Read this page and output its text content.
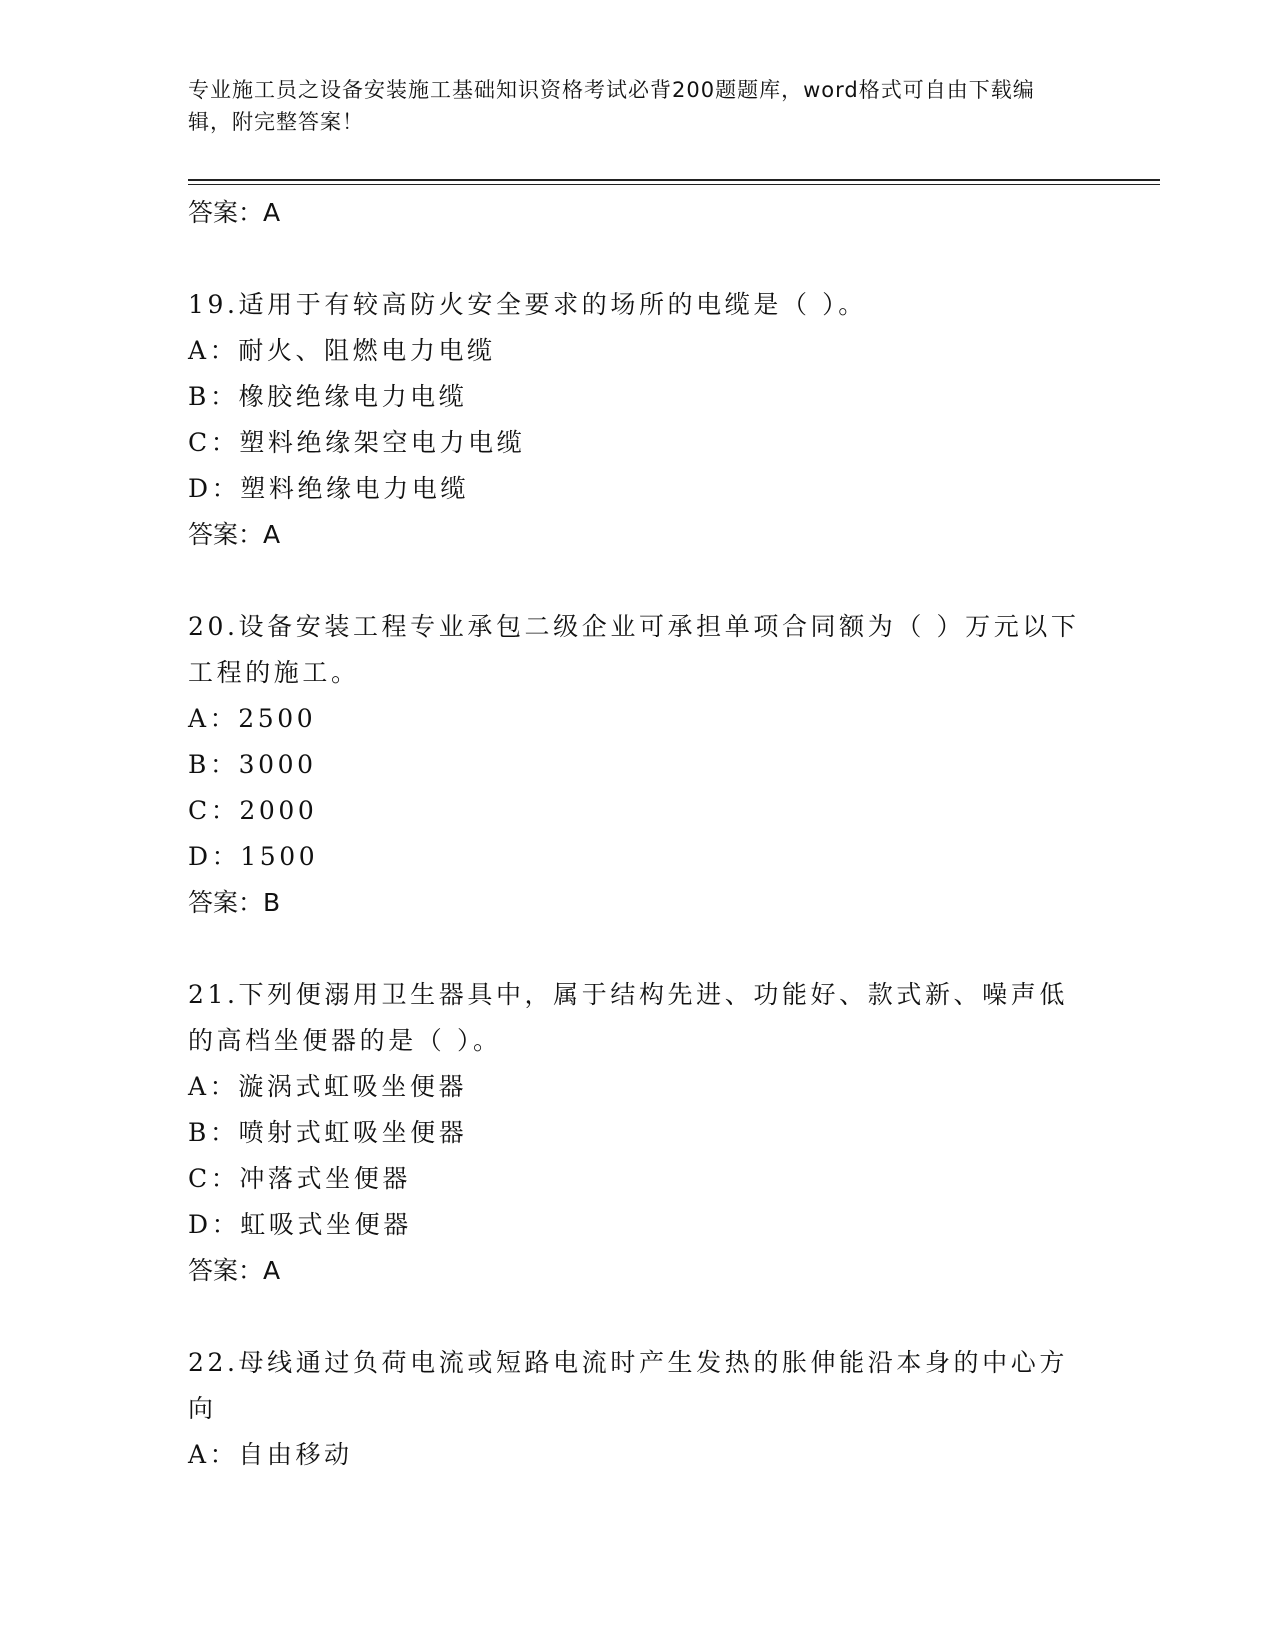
专业施工员之设备安装施工基础知识资格考试必背200题题库，word格式可自由下载编辑，附完整答案！
答案：A
19.适用于有较高防火安全要求的场所的电缆是（ ）。
A：耐火、阻燃电力电缆
B：橡胶绝缘电力电缆
C：塑料绝缘架空电力电缆
D：塑料绝缘电力电缆
答案：A
20.设备安装工程专业承包二级企业可承担单项合同额为（ ）万元以下工程的施工。
A：2500
B：3000
C：2000
D：1500
答案：B
21.下列便溺用卫生器具中，属于结构先进、功能好、款式新、噪声低的高档坐便器的是（ ）。
A：漩涡式虹吸坐便器
B：喷射式虹吸坐便器
C：冲落式坐便器
D：虹吸式坐便器
答案：A
22.母线通过负荷电流或短路电流时产生发热的胀伸能沿本身的中心方向
A：自由移动
